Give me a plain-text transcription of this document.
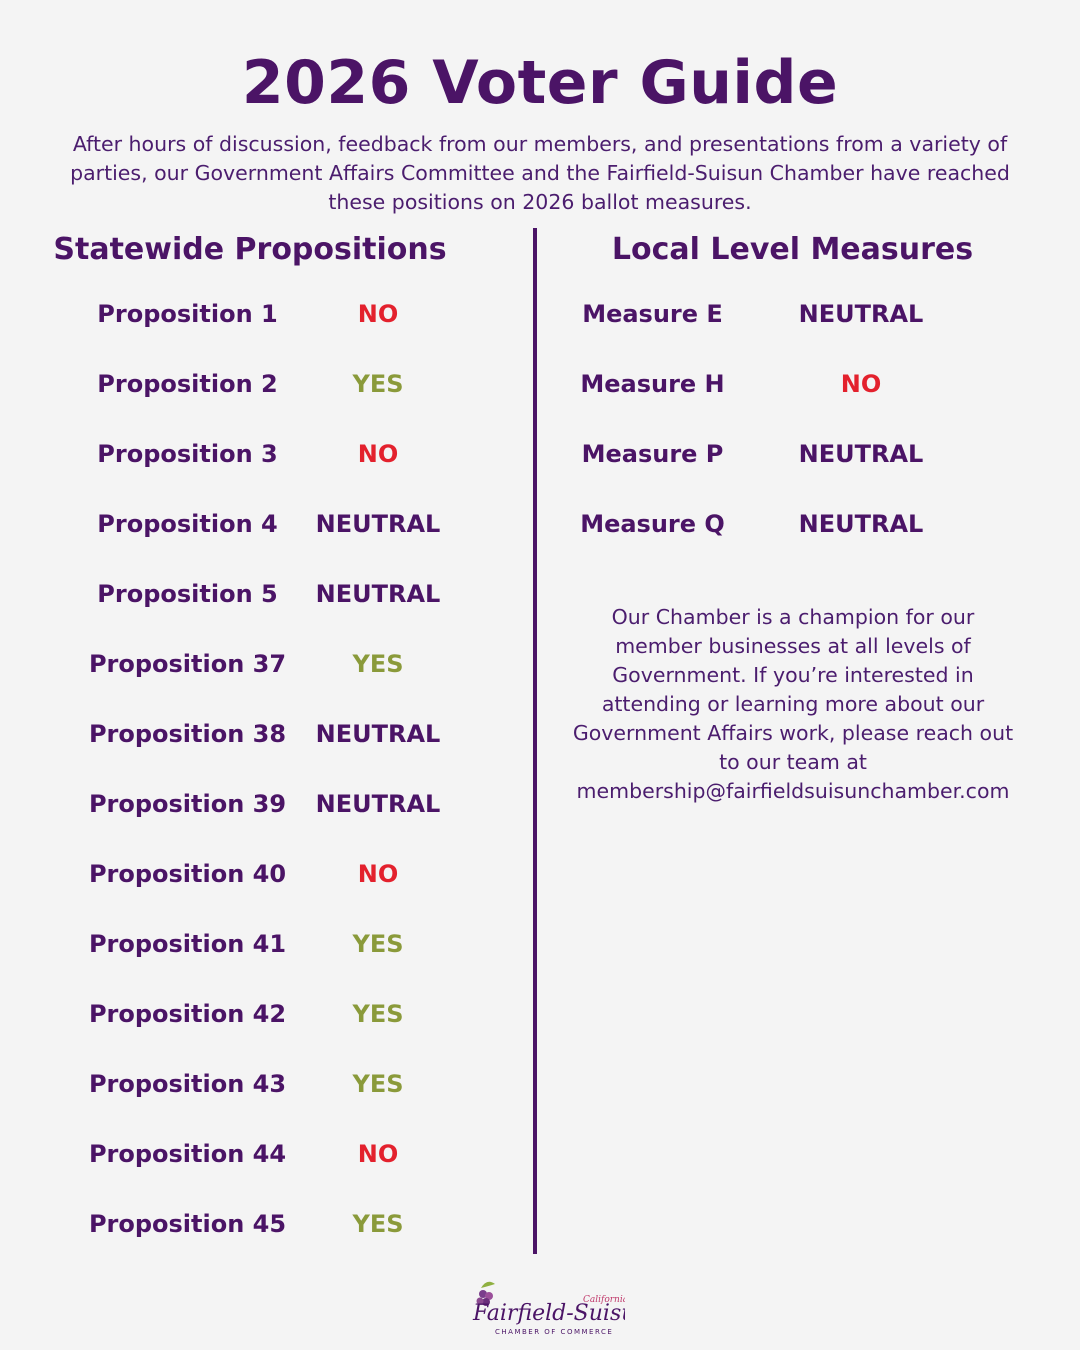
2026 Voter Guide
After hours of discussion, feedback from our members, and presentations from a variety of parties, our Government Affairs Committee and the Fairfield-Suisun Chamber have reached these positions on 2026 ballot measures.
Statewide Propositions	Local Level Measures
Proposition 1	NO
Proposition 2	YES
Proposition 3	NO
Proposition 4	NEUTRAL
Proposition 5	NEUTRAL
Proposition 37	YES
Proposition 38	NEUTRAL
Proposition 39	NEUTRAL
Proposition 40	NO
Proposition 41	YES
Proposition 42	YES
Proposition 43	YES
Proposition 44	NO
Proposition 45	YES
Measure E	NEUTRAL
Measure H	NO
Measure P	NEUTRAL
Measure Q	NEUTRAL
Our Chamber is a champion for our
member businesses at all levels of
Government. If you’re interested in
attending or learning more about our
Government Affairs work, please reach out
to our team at
membership@fairfieldsuisunchamber.com
Fairfield-Suis
California
CHAMBER OF COMMERCE
